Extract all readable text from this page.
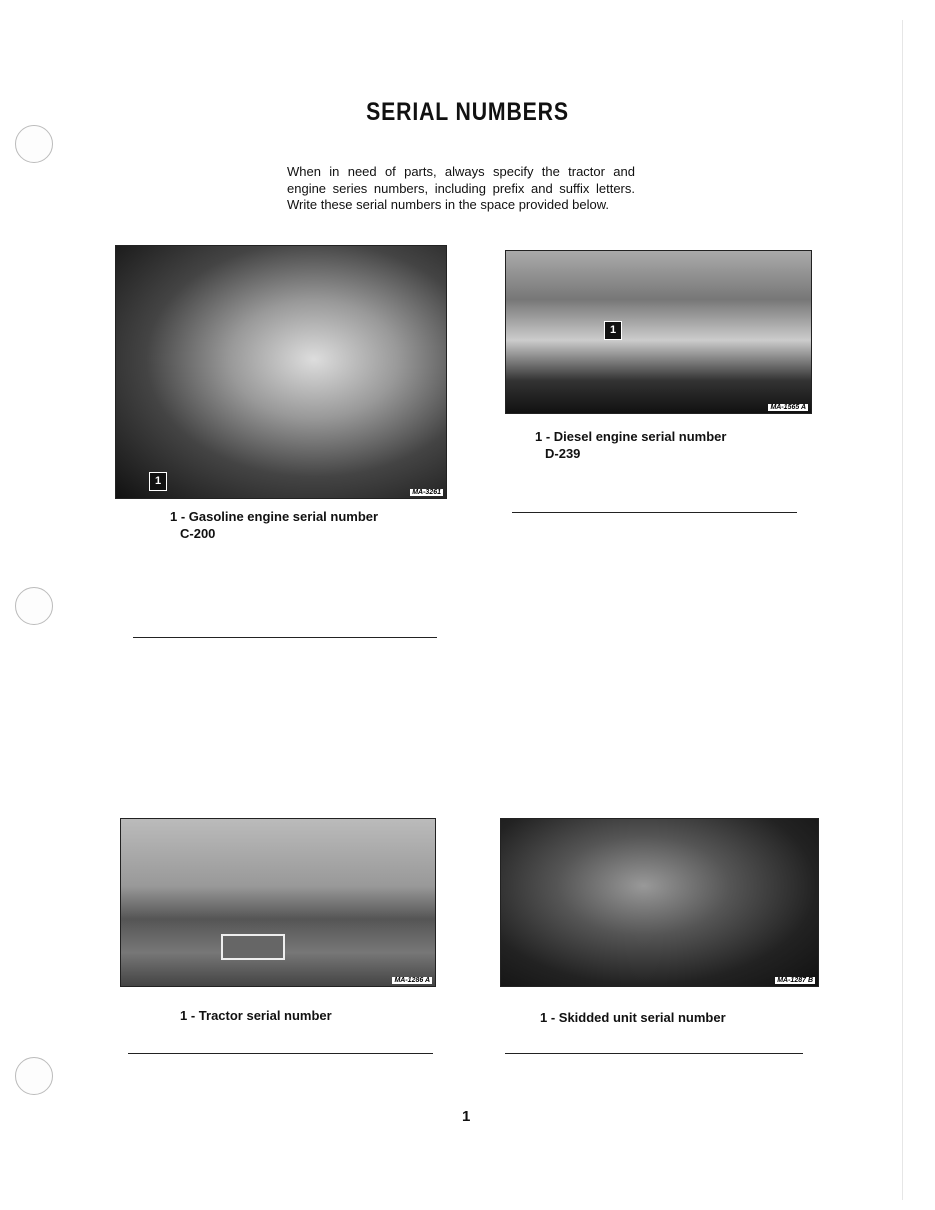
SERIAL NUMBERS
When in need of parts, always specify the tractor and engine series numbers, including prefix and suffix letters. Write these serial numbers in the space provided below.
1
MA-3261
1
MA-1565 A
1 - Diesel engine serial number
D-239
1 - Gasoline engine serial number
C-200
MA-1286 A	MA-1287 B
1 - Tractor serial number	1 - Skidded unit serial number
1
